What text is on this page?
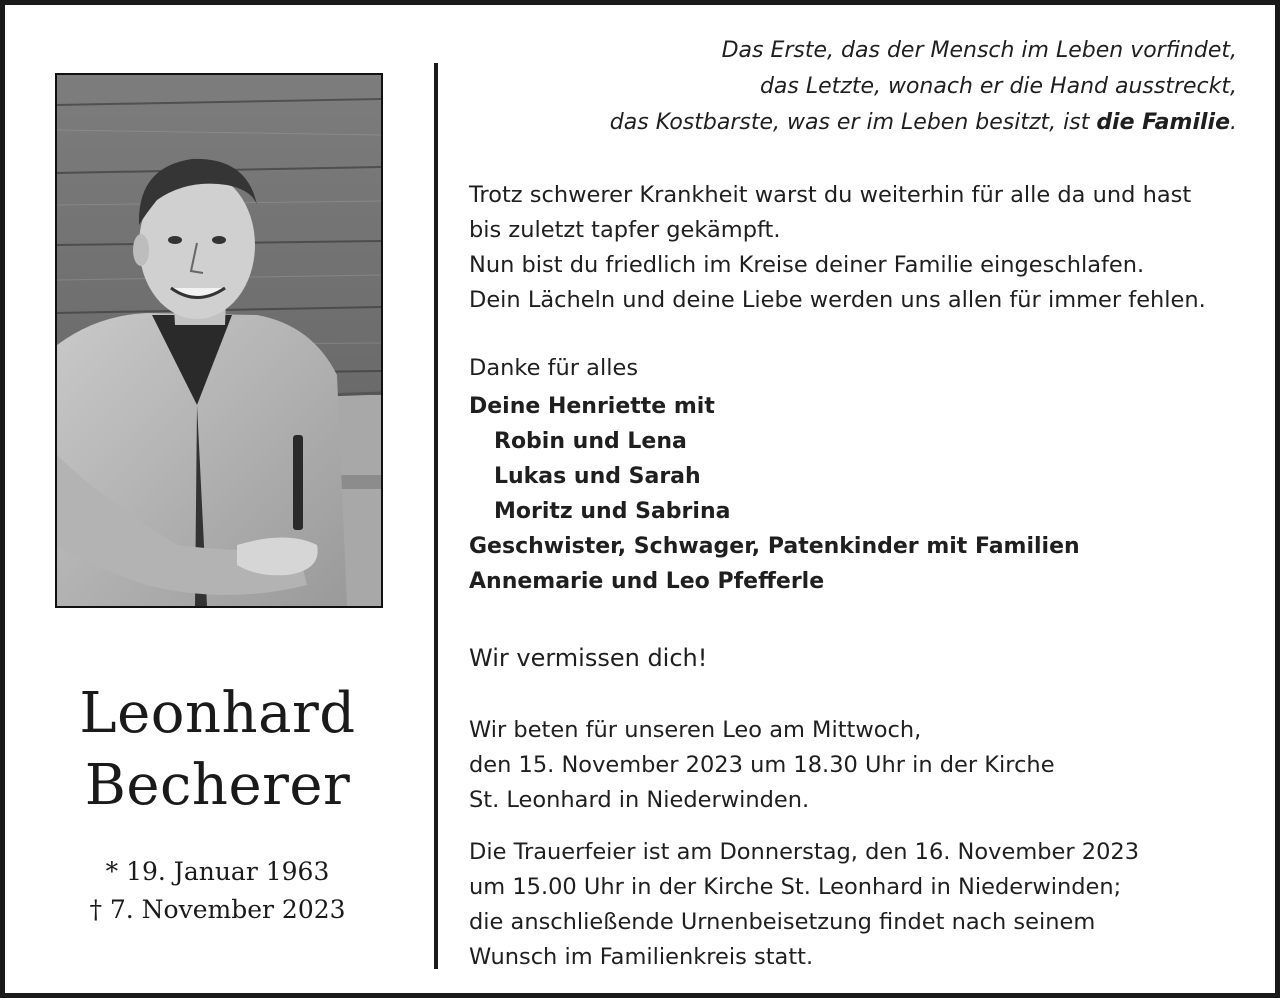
Leonhard
Becherer
* 19. Januar 1963
† 7. November 2023
Das Erste, das der Mensch im Leben vorfindet,
das Letzte, wonach er die Hand ausstreckt,
das Kostbarste, was er im Leben besitzt, ist die Familie.
Trotz schwerer Krankheit warst du weiterhin für alle da und hast
bis zuletzt tapfer gekämpft.
Nun bist du friedlich im Kreise deiner Familie eingeschlafen.
Dein Lächeln und deine Liebe werden uns allen für immer fehlen.
Danke für alles
Deine Henriette mit
Robin und Lena
Lukas und Sarah
Moritz und Sabrina
Geschwister, Schwager, Patenkinder mit Familien
Annemarie und Leo Pfefferle
Wir vermissen dich!
Wir beten für unseren Leo am Mittwoch,
den 15. November 2023 um 18.30 Uhr in der Kirche
St. Leonhard in Niederwinden.
Die Trauerfeier ist am Donnerstag, den 16. November 2023
um 15.00 Uhr in der Kirche St. Leonhard in Niederwinden;
die anschließende Urnenbeisetzung findet nach seinem
Wunsch im Familienkreis statt.
